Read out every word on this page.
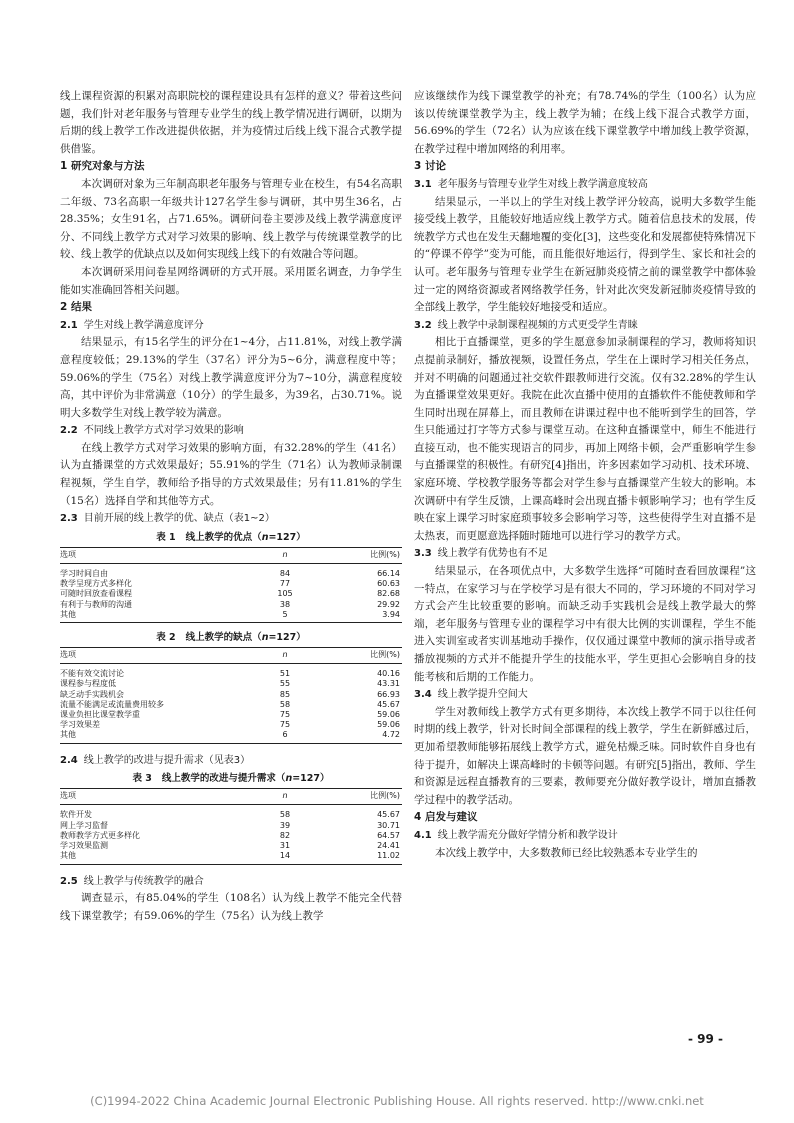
线上课程资源的积累对高职院校的课程建设具有怎样的意义？带着这些问题，我们针对老年服务与管理专业学生的线上教学情况进行调研，以期为后期的线上教学工作改进提供依据，并为疫情过后线上线下混合式教学提供借鉴。

1 研究对象与方法

本次调研对象为三年制高职老年服务与管理专业在校生，有54名高职二年级、73名高职一年级共计127名学生参与调研，其中男生36名，占28.35%；女生91名，占71.65%。调研问卷主要涉及线上教学满意度评分、不同线上教学方式对学习效果的影响、线上教学与传统课堂教学的比较、线上教学的优缺点以及如何实现线上线下的有效融合等问题。

本次调研采用问卷星网络调研的方式开展。采用匿名调查，力争学生能如实准确回答相关问题。

2 结果

2.1 学生对线上教学满意度评分

结果显示，有15名学生的评分在1~4分，占11.81%，对线上教学满意程度较低；29.13%的学生（37名）评分为5~6分，满意程度中等；59.06%的学生（75名）对线上教学满意度评分为7~10分，满意程度较高，其中评价为非常满意（10分）的学生最多，为39名，占30.71%。说明大多数学生对线上教学较为满意。

2.2 不同线上教学方式对学习效果的影响

在线上教学方式对学习效果的影响方面，有32.28%的学生（41名）认为直播课堂的方式效果最好；55.91%的学生（71名）认为教师录制课程视频，学生自学，教师给予指导的方式效果最佳；另有11.81%的学生（15名）选择自学和其他等方式。

2.3 目前开展的线上教学的优、缺点（表1~2）

表 1 线上教学的优点（n=127）
选项	n	比例(%)
学习时间自由	84	66.14
教学呈现方式多样化	77	60.63
可随时回放查看课程	105	82.68
有利于与教师的沟通	38	29.92
其他	5	3.94
表 2 线上教学的缺点（n=127）
选项	n	比例(%)
不能有效交流讨论	51	40.16
课程参与程度低	55	43.31
缺乏动手实践机会	85	66.93
流量不能满足或流量费用较多	58	45.67
课业负担比课堂教学重	75	59.06
学习效果差	75	59.06
其他	6	4.72

2.4 线上教学的改进与提升需求（见表3）

表 3 线上教学的改进与提升需求（n=127）
选项	n	比例(%)
软件开发	58	45.67
网上学习监督	39	30.71
教师教学方式更多样化	82	64.57
学习效果监测	31	24.41
其他	14	11.02

2.5 线上教学与传统教学的融合

调查显示，有85.04%的学生（108名）认为线上教学不能完全代替线下课堂教学；有59.06%的学生（75名）认为线上教学

应该继续作为线下课堂教学的补充；有78.74%的学生（100名）认为应该以传统课堂教学为主，线上教学为辅；在线上线下混合式教学方面，56.69%的学生（72名）认为应该在线下课堂教学中增加线上教学资源，在教学过程中增加网络的利用率。

3 讨论

3.1 老年服务与管理专业学生对线上教学满意度较高

结果显示，一半以上的学生对线上教学评分较高，说明大多数学生能接受线上教学，且能较好地适应线上教学方式。随着信息技术的发展，传统教学方式也在发生天翻地覆的变化[3]，这些变化和发展都使特殊情况下的“停课不停学”变为可能，而且能很好地运行，得到学生、家长和社会的认可。老年服务与管理专业学生在新冠肺炎疫情之前的课堂教学中都体验过一定的网络资源或者网络教学任务，针对此次突发新冠肺炎疫情导致的全部线上教学，学生能较好地接受和适应。

3.2 线上教学中录制课程视频的方式更受学生青睐

相比于直播课堂，更多的学生愿意参加录制课程的学习，教师将知识点提前录制好，播放视频，设置任务点，学生在上课时学习相关任务点，并对不明确的问题通过社交软件跟教师进行交流。仅有32.28%的学生认为直播课堂效果更好。我院在此次直播中使用的直播软件不能使教师和学生同时出现在屏幕上，而且教师在讲课过程中也不能听到学生的回答，学生只能通过打字等方式参与课堂互动。在这种直播课堂中，师生不能进行直接互动，也不能实现语言的同步，再加上网络卡顿，会严重影响学生参与直播课堂的积极性。有研究[4]指出，许多因素如学习动机、技术环境、家庭环境、学校教学服务等都会对学生参与直播课堂产生较大的影响。本次调研中有学生反馈，上课高峰时会出现直播卡顿影响学习；也有学生反映在家上课学习时家庭琐事较多会影响学习等，这些使得学生对直播不是太热衷，而更愿意选择随时随地可以进行学习的教学方式。

3.3 线上教学有优势也有不足

结果显示，在各项优点中，大多数学生选择“可随时查看回放课程”这一特点，在家学习与在学校学习是有很大不同的，学习环境的不同对学习方式会产生比较重要的影响。而缺乏动手实践机会是线上教学最大的弊端，老年服务与管理专业的课程学习中有很大比例的实训课程，学生不能进入实训室或者实训基地动手操作，仅仅通过课堂中教师的演示指导或者播放视频的方式并不能提升学生的技能水平，学生更担心会影响自身的技能考核和后期的工作能力。

3.4 线上教学提升空间大

学生对教师线上教学方式有更多期待，本次线上教学不同于以往任何时期的线上教学，针对长时间全部课程的线上教学，学生在新鲜感过后，更加希望教师能够拓展线上教学方式，避免枯燥乏味。同时软件自身也有待于提升，如解决上课高峰时的卡顿等问题。有研究[5]指出，教师、学生和资源是远程直播教育的三要素，教师要充分做好教学设计，增加直播教学过程中的教学活动。

4 启发与建议

4.1 线上教学需充分做好学情分析和教学设计

本次线上教学中，大多数教师已经比较熟悉本专业学生的

- 99 -
(C)1994-2022 China Academic Journal Electronic Publishing House. All rights reserved. http://www.cnki.net
